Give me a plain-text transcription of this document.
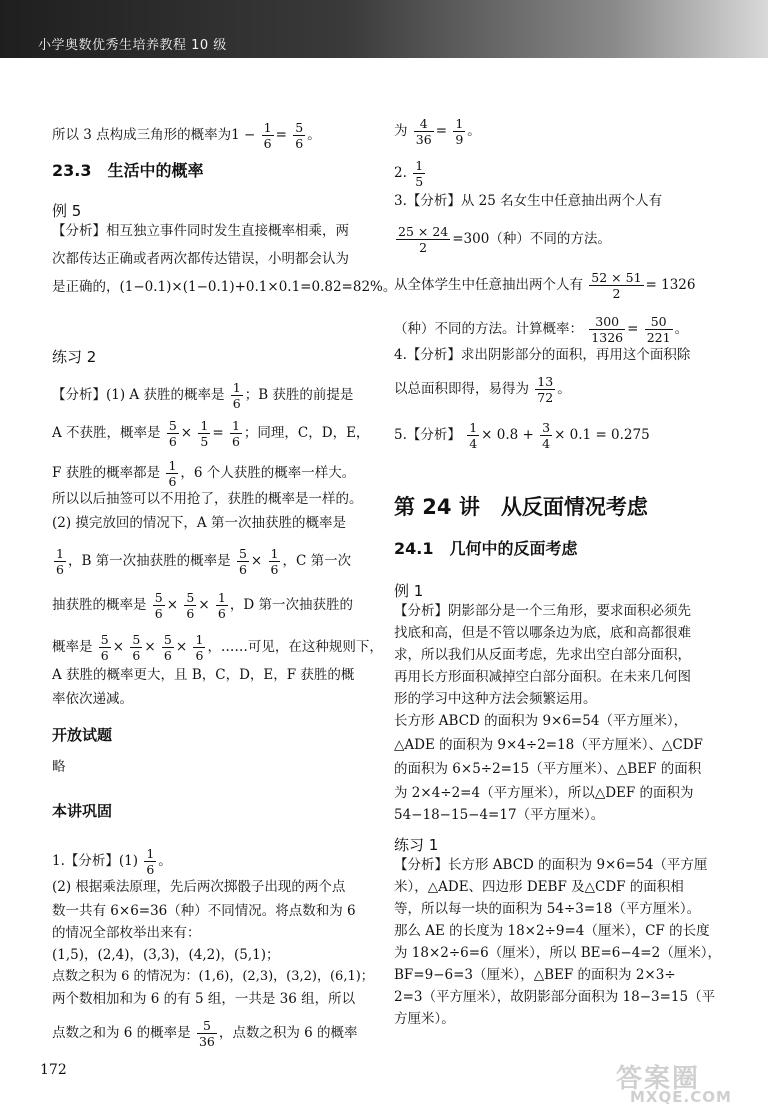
小学奥数优秀生培养教程 10 级
所以 3 点构成三角形的概率为$1 - \frac{1}{6} = \frac{5}{6}$ 。
23.3　生活中的概率
例 5
【分析】相互独立事件同时发生直接概率相乘，两
次都传达正确或者两次都传达错误，小明都会认为
是正确的，(1−0.1)×(1−0.1)+0.1×0.1=0.82=82%。
练习 2
【分析】(1) A 获胜的概率是 $\frac{1}{6}$ ；B 获胜的前提是
A 不获胜，概率是 $\frac{5}{6} \times \frac{1}{5} = \frac{1}{6}$ ；同理，C，D，E，
F 获胜的概率都是 $\frac{1}{6}$ ，6 个人获胜的概率一样大。
所以以后抽签可以不用抢了，获胜的概率是一样的。
(2) 摸完放回的情况下，A 第一次抽获胜的概率是
$\frac{1}{6}$ ，B 第一次抽获胜的概率是 $\frac{5}{6} \times \frac{1}{6}$ ，C 第一次
抽获胜的概率是 $\frac{5}{6} \times \frac{5}{6} \times \frac{1}{6}$ ，D 第一次抽获胜的
概率是 $\frac{5}{6} \times \frac{5}{6} \times \frac{5}{6} \times \frac{1}{6}$ ，……可见，在这种规则下，
A 获胜的概率更大，且 B，C，D，E，F 获胜的概
率依次递减。
开放试题
略
本讲巩固
1.【分析】$(1) \frac{1}{6}$ 。
(2) 根据乘法原理，先后两次掷骰子出现的两个点
数一共有 6×6=36（种）不同情况。将点数和为 6
的情况全部枚举出来有：
(1,5)，(2,4)，(3,3)，(4,2)，(5,1)；
点数之积为 6 的情况为：(1,6)，(2,3)，(3,2)，(6,1)；
两个数相加和为 6 的有 5 组，一共是 36 组，所以
点数之和为 6 的概率是 $\frac{5}{36}$ ，点数之积为 6 的概率
为 $\frac{4}{36} = \frac{1}{9}$ 。
2. $\frac{1}{5}$
3.【分析】从 25 名女生中任意抽出两个人有
$\frac{25 \times 24}{2} =300$（种）不同的方法。
从全体学生中任意抽出两个人有 $\frac{52 \times 51}{2} = 1326$
（种）不同的方法。计算概率： $\frac{300}{1326} = \frac{50}{221}$ 。
4.【分析】求出阴影部分的面积，再用这个面积除
以总面积即得，易得为 $\frac{13}{72}$ 。
5.【分析】 $\frac{1}{4} \times 0.8 + \frac{3}{4} \times 0.1 = 0.275$
第 24 讲　从反面情况考虑
24.1　几何中的反面考虑
例 1
【分析】阴影部分是一个三角形，要求面积必须先
找底和高，但是不管以哪条边为底，底和高都很难
求，所以我们从反面考虑，先求出空白部分面积，
再用长方形面积减掉空白部分面积。在未来几何图
形的学习中这种方法会频繁运用。
长方形 ABCD 的面积为 9×6=54（平方厘米），
△ADE 的面积为 9×4÷2=18（平方厘米）、△CDF
的面积为 6×5÷2=15（平方厘米）、△BEF 的面积
为 2×4÷2=4（平方厘米），所以△DEF 的面积为
54−18−15−4=17（平方厘米）。
练习 1
【分析】长方形 ABCD 的面积为 9×6=54（平方厘
米），△ADE、四边形 DEBF 及△CDF 的面积相
等，所以每一块的面积为 54÷3=18（平方厘米）。
那么 AE 的长度为 18×2÷9=4（厘米），CF 的长度
为 18×2÷6=6（厘米），所以 BE=6−4=2（厘米），
BF=9−6=3（厘米），△BEF 的面积为 2×3÷
2=3（平方厘米），故阴影部分面积为 18−3=15（平
方厘米）。
172	答案圈
MXQE.COM
